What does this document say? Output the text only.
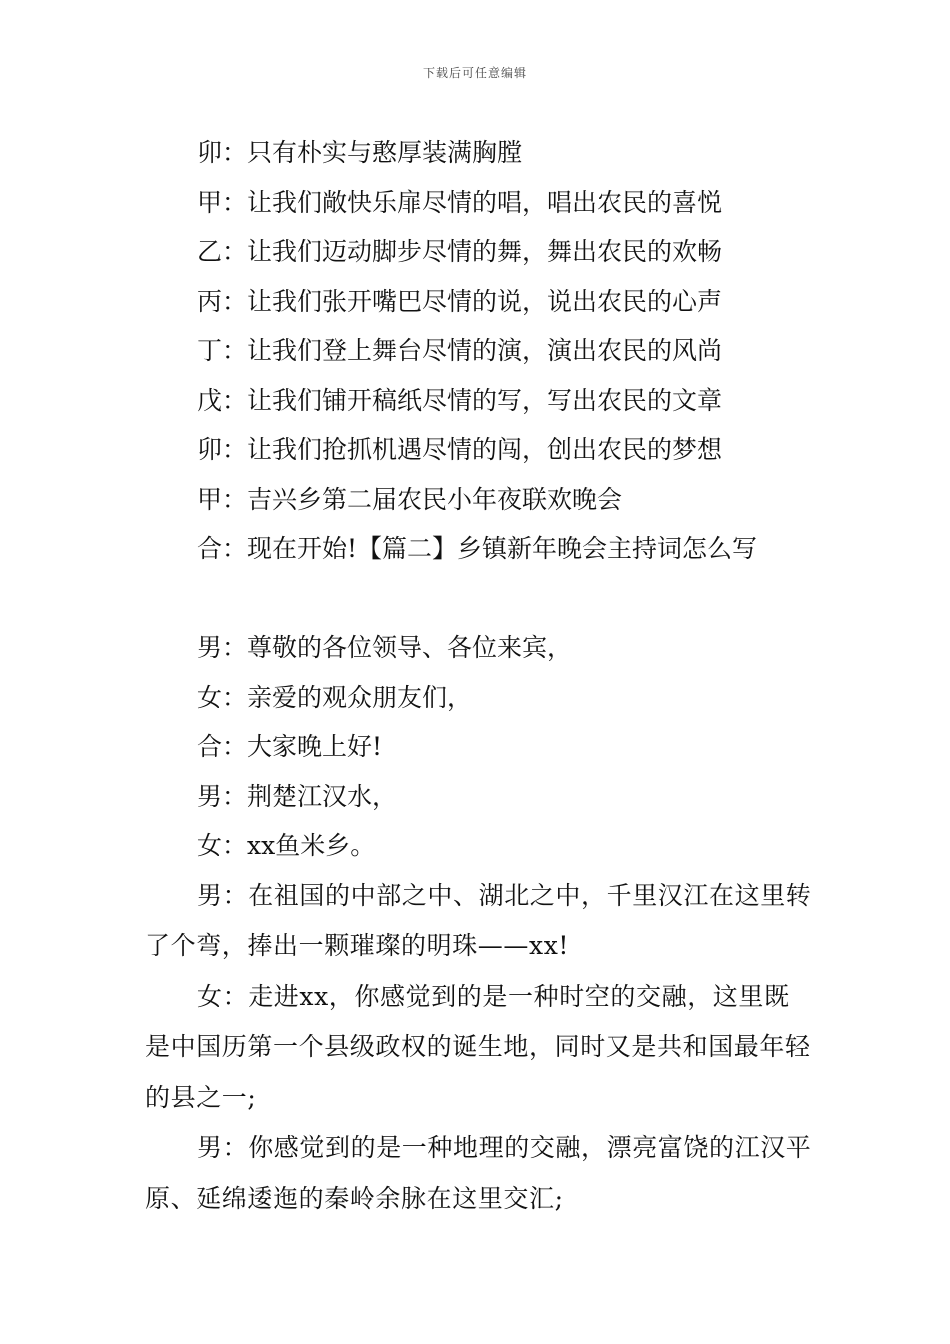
下载后可任意编辑
卯：只有朴实与憨厚装满胸膛
甲：让我们敞快乐扉尽情的唱，唱出农民的喜悦
乙：让我们迈动脚步尽情的舞，舞出农民的欢畅
丙：让我们张开嘴巴尽情的说，说出农民的心声
丁：让我们登上舞台尽情的演，演出农民的风尚
戊：让我们铺开稿纸尽情的写，写出农民的文章
卯：让我们抢抓机遇尽情的闯，创出农民的梦想
甲：吉兴乡第二届农民小年夜联欢晚会
合：现在开始!【篇二】乡镇新年晚会主持词怎么写
男：尊敬的各位领导、各位来宾，
女：亲爱的观众朋友们，
合：大家晚上好!
男：荆楚江汉水，
女：xx鱼米乡。

男：在祖国的中部之中、湖北之中，千里汉江在这里转了个弯，捧出一颗璀璨的明珠——xx!

女：走进xx，你感觉到的是一种时空的交融，这里既是中国历第一个县级政权的诞生地，同时又是共和国最年轻的县之一;

男：你感觉到的是一种地理的交融，漂亮富饶的江汉平原、延绵逶迤的秦岭余脉在这里交汇;
